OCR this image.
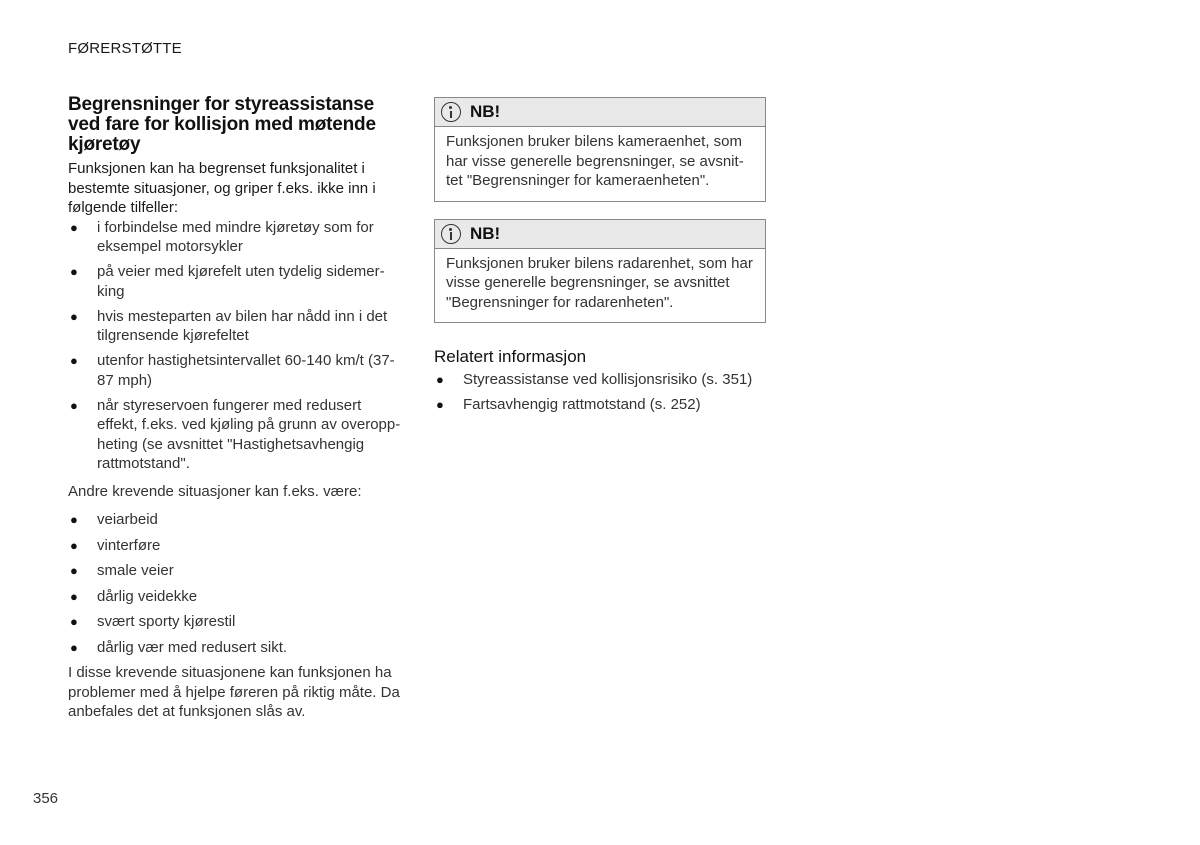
FØRERSTØTTE
Begrensninger for styreassistanse ved fare for kollisjon med møtende kjøretøy

Funksjonen kan ha begrenset funksjonalitet i bestemte situasjoner, og griper f.eks. ikke inn i følgende tilfeller:

● i forbindelse med mindre kjøretøy som for eksempel motorsykler
● på veier med kjørefelt uten tydelig sidemerking
● hvis mesteparten av bilen har nådd inn i det tilgrensende kjørefeltet
● utenfor hastighetsintervallet 60-140 km/t (37-87 mph)
● når styreservoen fungerer med redusert effekt, f.eks. ved kjøling på grunn av overoppheting (se avsnittet "Hastighetsavhengig rattmotstand".

Andre krevende situasjoner kan f.eks. være:

● veiarbeid
● vinterføre
● smale veier
● dårlig veidekke
● svært sporty kjørestil
● dårlig vær med redusert sikt.

I disse krevende situasjonene kan funksjonen ha problemer med å hjelpe føreren på riktig måte. Da anbefales det at funksjonen slås av.

NB!
Funksjonen bruker bilens kameraenhet, som har visse generelle begrensninger, se avsnittet "Begrensninger for kameraenheten".
NB!
Funksjonen bruker bilens radarenhet, som har visse generelle begrensninger, se avsnittet "Begrensninger for radarenheten".
Relatert informasjon
● Styreassistanse ved kollisjonsrisiko (s. 351)
● Fartsavhengig rattmotstand (s. 252)
356
